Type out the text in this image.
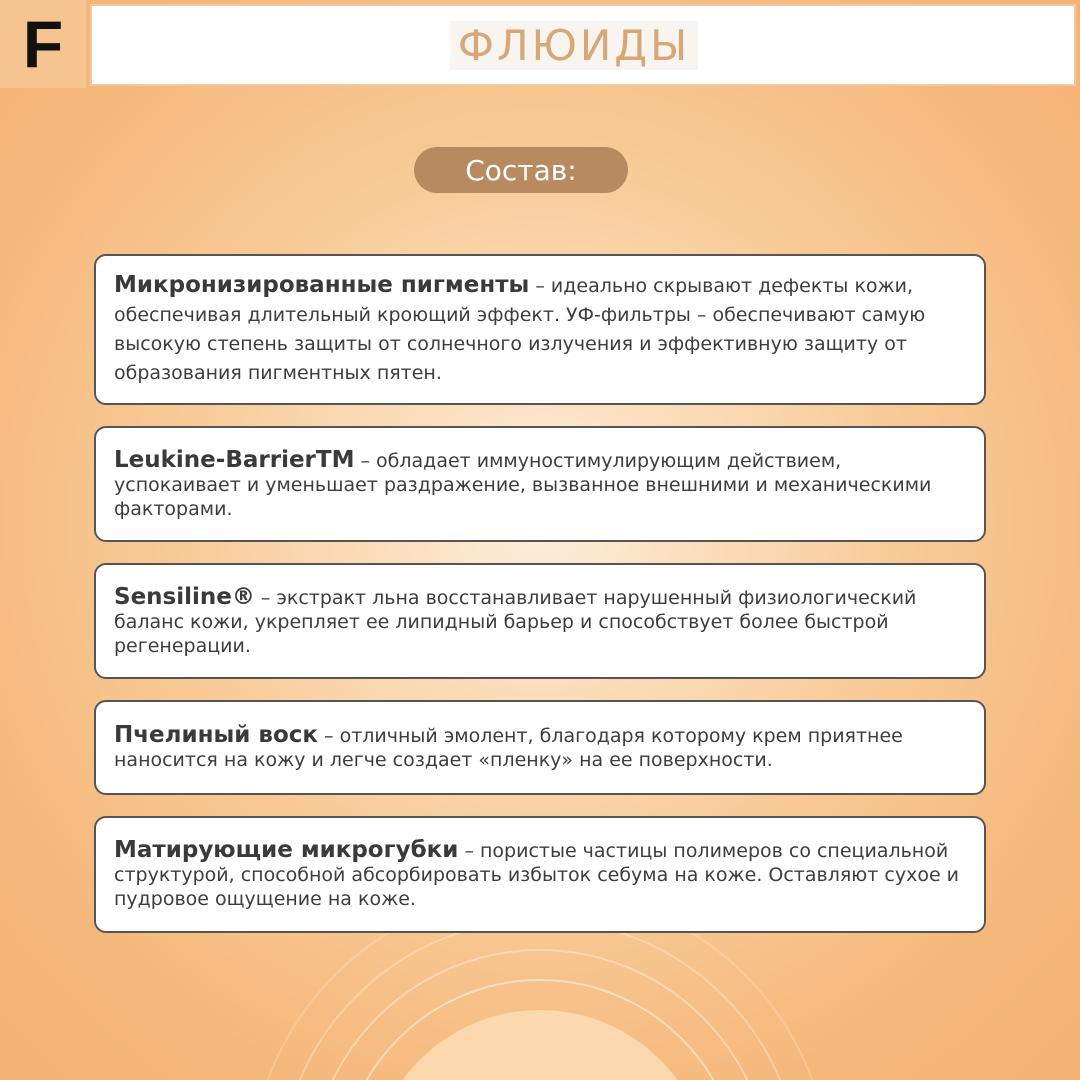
F	ФЛЮИДЫ
Состав:

Микронизированные пигменты – идеально скрывают дефекты кожи, обеспечивая длительный кроющий эффект. УФ-фильтры – обеспечивают самую высокую степень защиты от солнечного излучения и эффективную защиту от образования пигментных пятен.

Leukine-BarrierTM – обладает иммуностимулирующим действием, успокаивает и уменьшает раздражение, вызванное внешними и механическими факторами.

Sensiline® – экстракт льна восстанавливает нарушенный физиологический баланс кожи, укрепляет ее липидный барьер и способствует более быстрой регенерации.

Пчелиный воск – отличный эмолент, благодаря которому крем приятнее наносится на кожу и легче создает «пленку» на ее поверхности.

Матирующие микрогубки – пористые частицы полимеров со специальной структурой, способной абсорбировать избыток себума на коже. Оставляют сухое и пудровое ощущение на коже.
